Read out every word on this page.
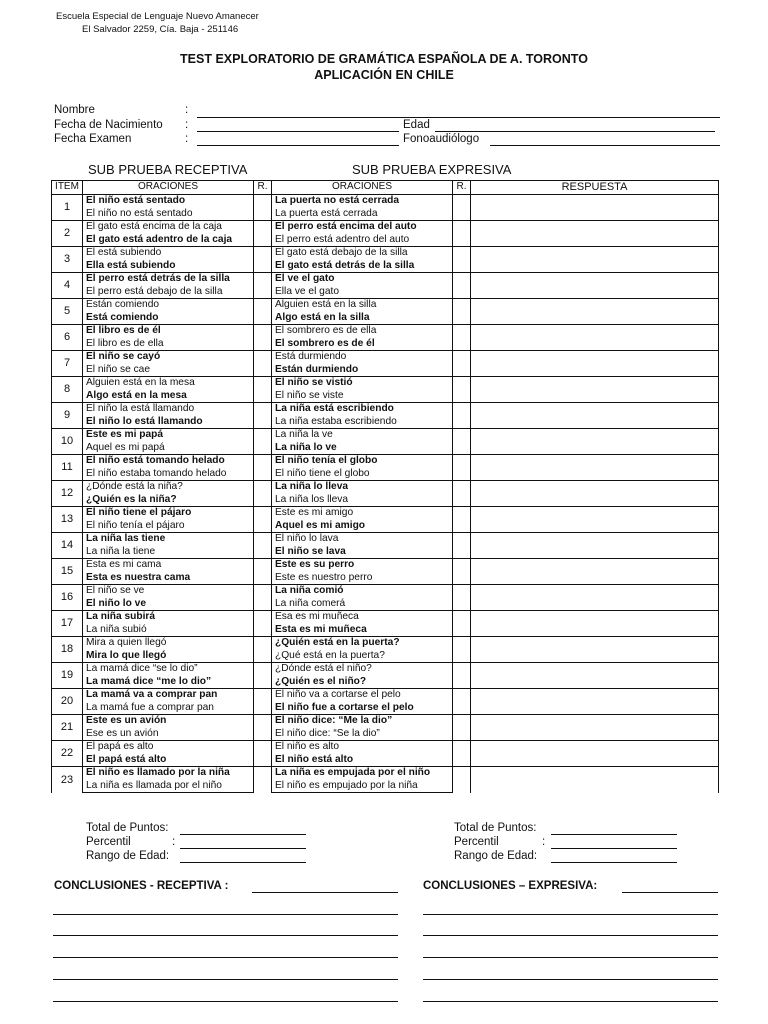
Escuela Especial de Lenguaje Nuevo Amanecer
El Salvador 2259, Cía. Baja - 251146
TEST EXPLORATORIO DE GRAMÁTICA ESPAÑOLA DE A. TORONTO
APLICACIÓN EN CHILE
Nombre	:
Fecha de Nacimiento :	Edad
Fecha Examen	:	Fonoaudiólogo
SUB PRUEBA RECEPTIVA	SUB PRUEBA EXPRESIVA
ÍTEM	ORACIONES	R.	ORACIONES	R.	RESPUESTA
1	El niño está sentado		La puerta no está cerrada		
	El niño no está sentado		La puerta está cerrada		
2	El gato está encima de la caja		El perro está encima del auto		
	El gato está adentro de la caja		El perro está adentro del auto		
3	El está subiendo		El gato está debajo de la silla		
	Ella está subiendo		El gato está detrás de la silla		
4	El perro está detrás de la silla		El ve el gato		
	El perro está debajo de la silla		Ella ve el gato		
5	Están comiendo		Alguien está en la silla		
	Está comiendo		Algo está en la silla		
6	El libro es de él		El sombrero es de ella		
	El libro es de ella		El sombrero es de él		
7	El niño se cayó		Está durmiendo		
	El niño se cae		Están durmiendo		
8	Alguien está en la mesa		El niño se vistió		
	Algo está en la mesa		El niño se viste		
9	El niño la está llamando		La niña está escribiendo		
	El niño lo está llamando		La niña estaba escribiendo		
10	Este es mi papá		La niña la ve		
	Aquel es mi papá		La niña lo ve		
11	El niño está tomando helado		El niño tenía el globo		
	El niño estaba tomando helado		El niño tiene el globo		
12	¿Dónde está la niña?		La niña lo lleva		
	¿Quién es la niña?		La niña los lleva		
13	El niño tiene el pájaro		Este es mi amigo		
	El niño tenía el pájaro		Aquel es mi amigo		
14	La niña las tiene		El niño lo lava		
	La niña la tiene		El niño se lava		
15	Esta es mi cama		Este es su perro		
	Esta es nuestra cama		Este es nuestro perro		
16	El niño se ve		La niña comió		
	El niño lo ve		La niña comerá		
17	La niña subirá		Esa es mi muñeca		
	La niña subió		Esta es mi muñeca		
18	Mira a quien llegó		¿Quién está en la puerta?		
	Mira lo que llegó		¿Qué está en la puerta?		
19	La mamá dice “se lo dio”		¿Dónde está el niño?		
	La mamá dice “me lo dio”		¿Quién es el niño?		
20	La mamá va a comprar pan		El niño va a cortarse el pelo		
	La mamá fue a comprar pan		El niño fue a cortarse el pelo		
21	Este es un avión		El niño dice: “Me la dio”		
	Ese es un avión		El niño dice: “Se la dio”		
22	El papá es alto		El niño es alto		
	El papá está alto		El niño está alto		
23	El niño es llamado por la niña		La niña es empujada por el niño		
	La niña es llamada por el niño		El niño es empujado por la niña		
Total de Puntos:
Percentil	:
Rango de Edad:
Total de Puntos:
Percentil	:
Rango de Edad:
CONCLUSIONES - RECEPTIVA :	CONCLUSIONES – EXPRESIVA:
